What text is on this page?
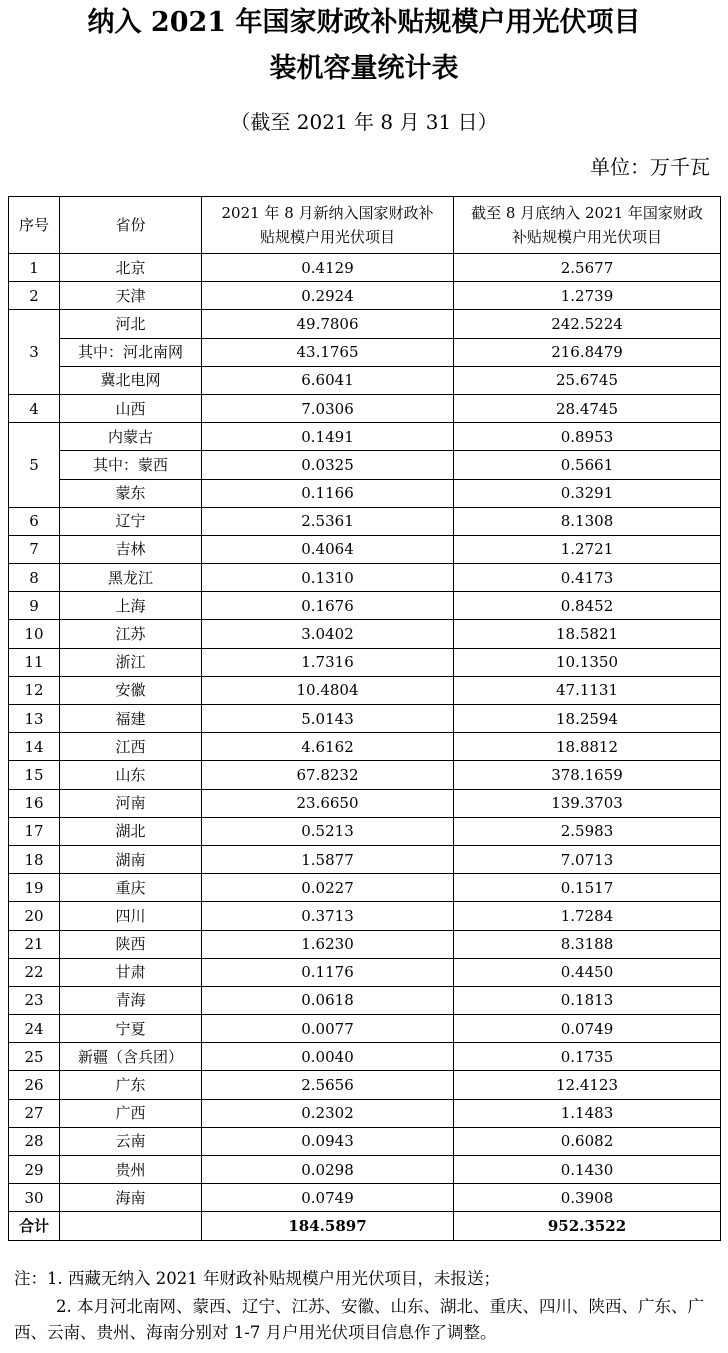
纳入 2021 年国家财政补贴规模户用光伏项目
装机容量统计表
（截至 2021 年 8 月 31 日）
单位：万千瓦
序号	省份	2021 年 8 月新纳入国家财政补贴规模户用光伏项目	截至 8 月底纳入 2021 年国家财政补贴规模户用光伏项目
1	北京	0.4129	2.5677
2	天津	0.2924	1.2739
3	河北	49.7806	242.5224
	其中：河北南网	43.1765	216.8479
	冀北电网	6.6041	25.6745
4	山西	7.0306	28.4745
5	内蒙古	0.1491	0.8953
	其中：蒙西	0.0325	0.5661
	蒙东	0.1166	0.3291
6	辽宁	2.5361	8.1308
7	吉林	0.4064	1.2721
8	黑龙江	0.1310	0.4173
9	上海	0.1676	0.8452
10	江苏	3.0402	18.5821
11	浙江	1.7316	10.1350
12	安徽	10.4804	47.1131
13	福建	5.0143	18.2594
14	江西	4.6162	18.8812
15	山东	67.8232	378.1659
16	河南	23.6650	139.3703
17	湖北	0.5213	2.5983
18	湖南	1.5877	7.0713
19	重庆	0.0227	0.1517
20	四川	0.3713	1.7284
21	陕西	1.6230	8.3188
22	甘肃	0.1176	0.4450
23	青海	0.0618	0.1813
24	宁夏	0.0077	0.0749
25	新疆（含兵团）	0.0040	0.1735
26	广东	2.5656	12.4123
27	广西	0.2302	1.1483
28	云南	0.0943	0.6082
29	贵州	0.0298	0.1430
30	海南	0.0749	0.3908
合计		184.5897	952.3522
注：1. 西藏无纳入 2021 年财政补贴规模户用光伏项目，未报送；
2. 本月河北南网、蒙西、辽宁、江苏、安徽、山东、湖北、重庆、四川、陕西、广东、广西、云南、贵州、海南分别对 1-7 月户用光伏项目信息作了调整。
